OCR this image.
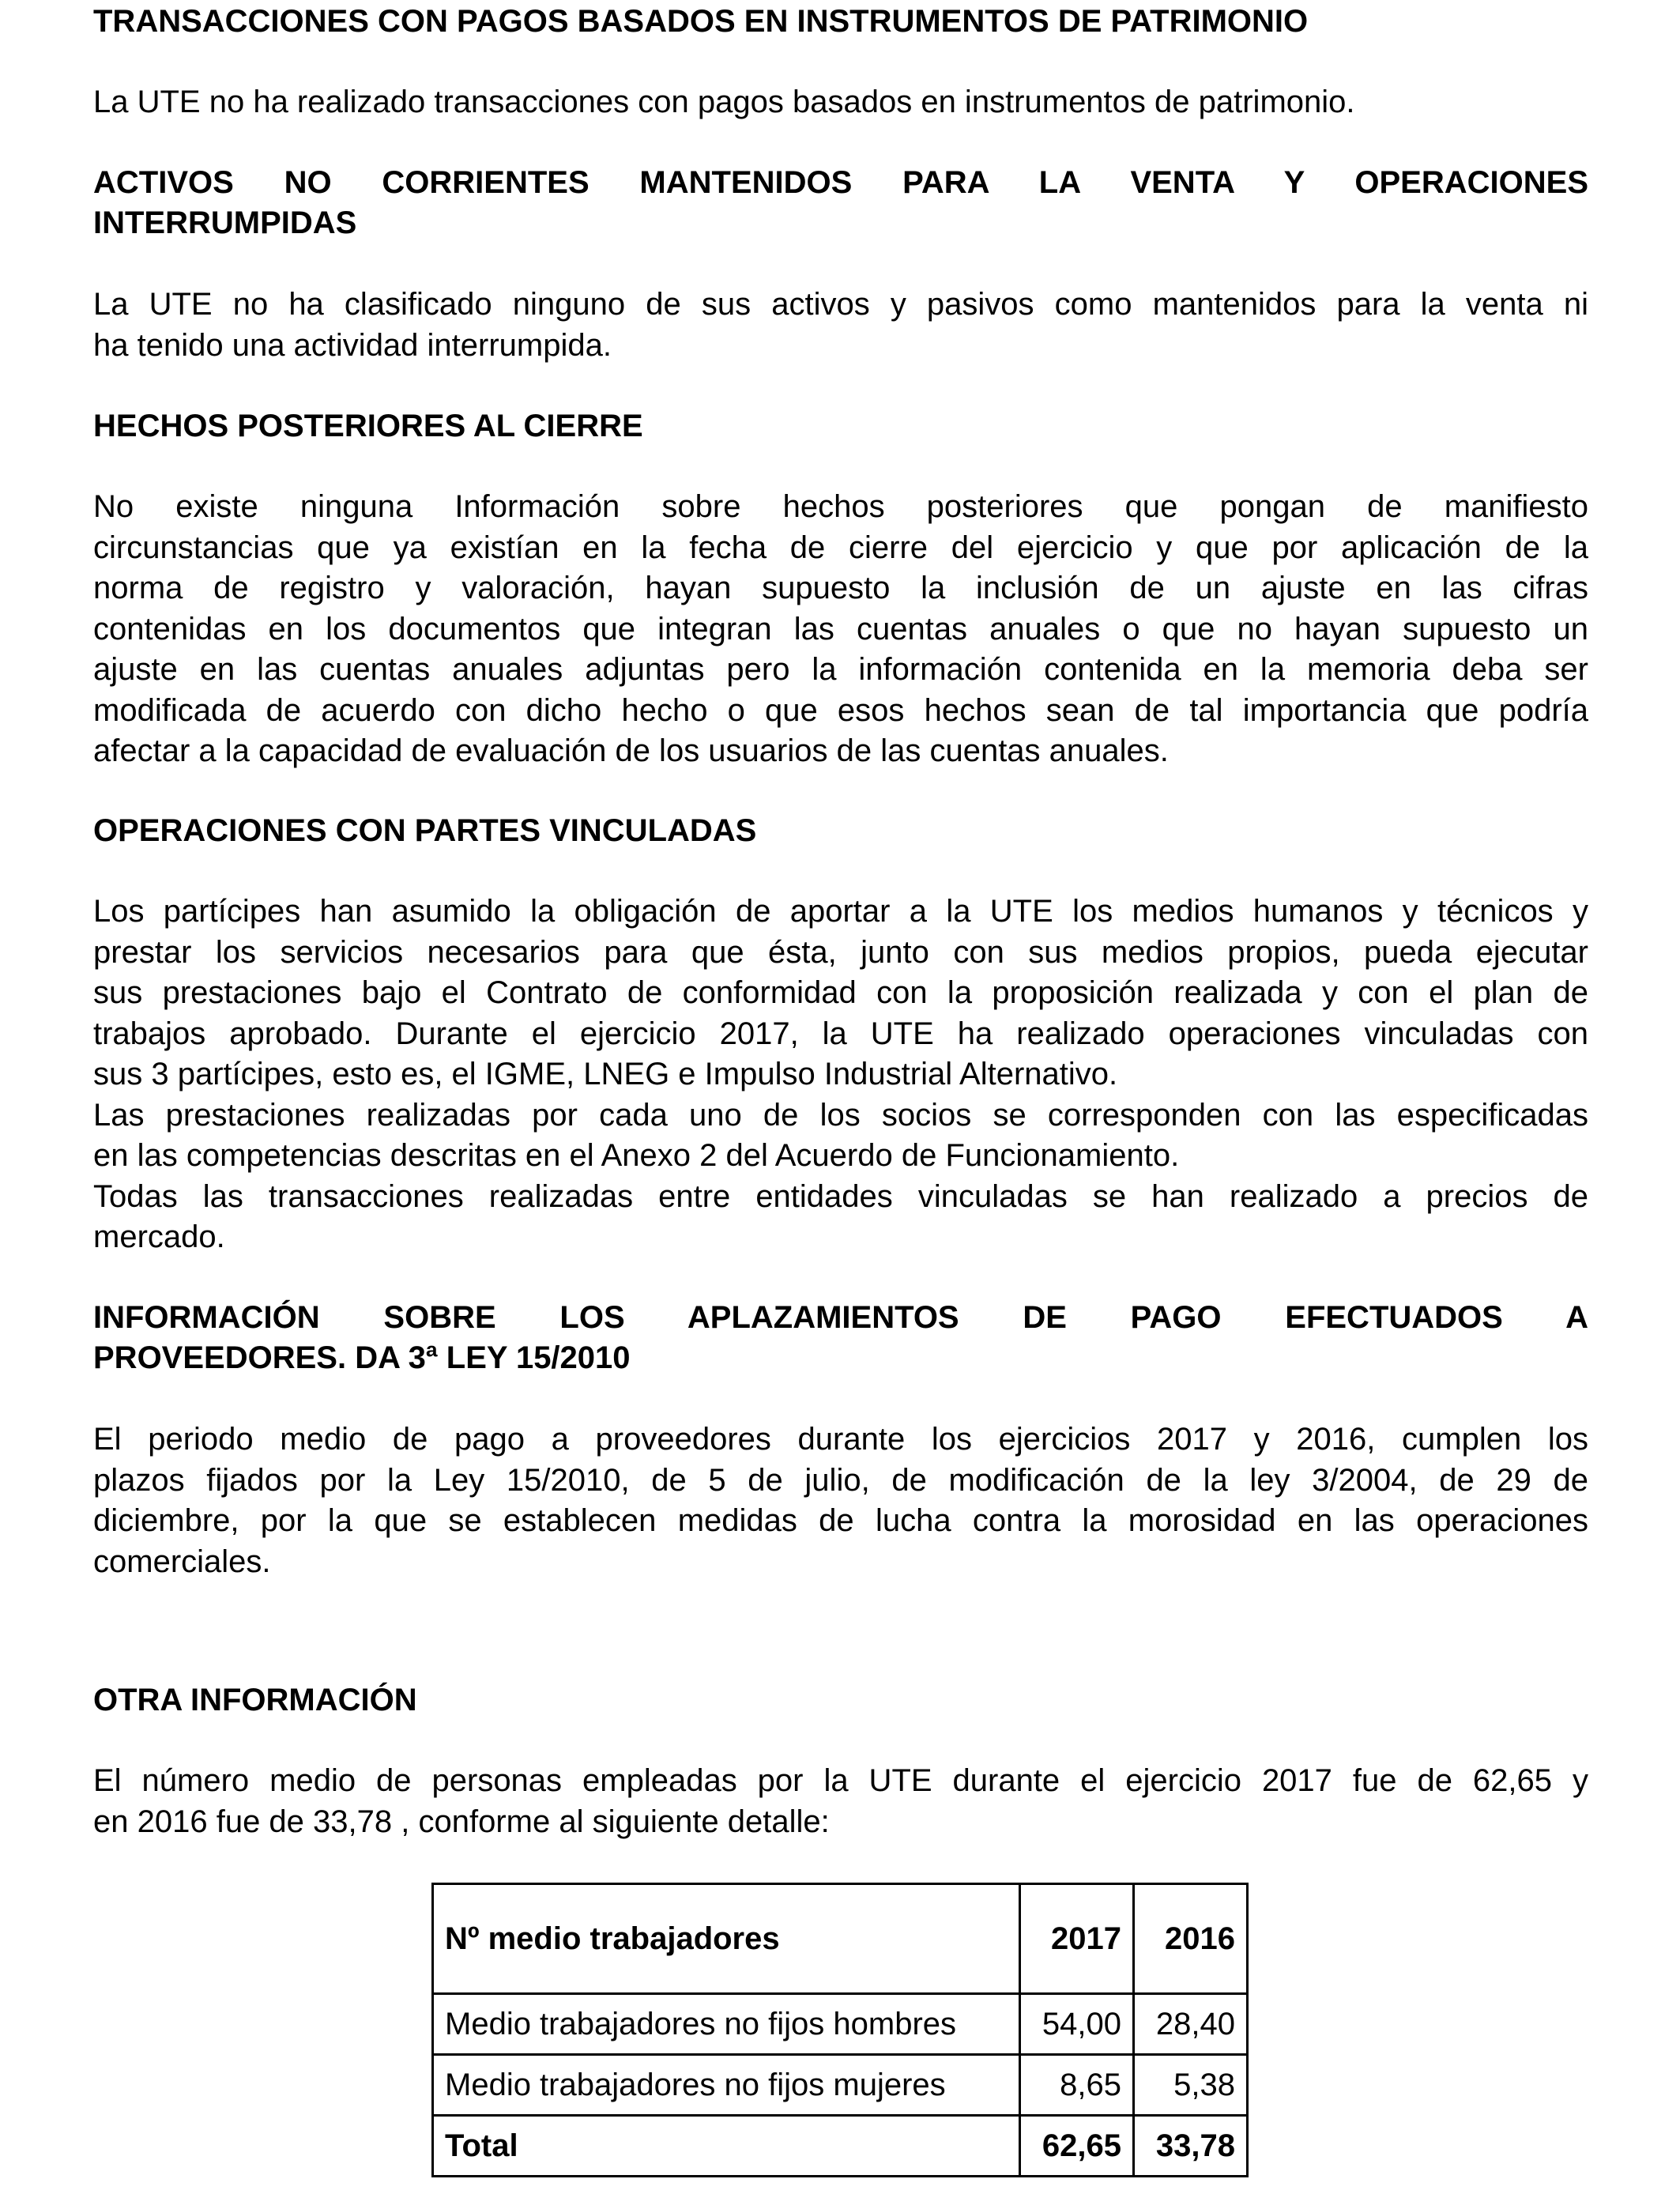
TRANSACCIONES CON PAGOS BASADOS EN INSTRUMENTOS DE PATRIMONIO

La UTE no ha realizado transacciones con pagos basados en instrumentos de patrimonio.

ACTIVOS NO CORRIENTES MANTENIDOS PARA LA VENTA Y OPERACIONES
INTERRUMPIDAS

La UTE no ha clasificado ninguno de sus activos y pasivos como mantenidos para la venta ni
ha tenido una actividad interrumpida.

HECHOS POSTERIORES AL CIERRE

No existe ninguna Información sobre hechos posteriores que pongan de manifiesto
circunstancias que ya existían en la fecha de cierre del ejercicio y que por aplicación de la
norma de registro y valoración, hayan supuesto la inclusión de un ajuste en las cifras
contenidas en los documentos que integran las cuentas anuales o que no hayan supuesto un
ajuste en las cuentas anuales adjuntas pero la información contenida en la memoria deba ser
modificada de acuerdo con dicho hecho o que esos hechos sean de tal importancia que podría
afectar a la capacidad de evaluación de los usuarios de las cuentas anuales.

OPERACIONES CON PARTES VINCULADAS

Los partícipes han asumido la obligación de aportar a la UTE los medios humanos y técnicos y
prestar los servicios necesarios para que ésta, junto con sus medios propios, pueda ejecutar
sus prestaciones bajo el Contrato de conformidad con la proposición realizada y con el plan de
trabajos aprobado. Durante el ejercicio 2017, la UTE ha realizado operaciones vinculadas con
sus 3 partícipes, esto es, el IGME, LNEG e Impulso Industrial Alternativo.
Las prestaciones realizadas por cada uno de los socios se corresponden con las especificadas
en las competencias descritas en el Anexo 2 del Acuerdo de Funcionamiento.
Todas las transacciones realizadas entre entidades vinculadas se han realizado a precios de
mercado.

INFORMACIÓN SOBRE LOS APLAZAMIENTOS DE PAGO EFECTUADOS A
PROVEEDORES. DA 3ª LEY 15/2010

El periodo medio de pago a proveedores durante los ejercicios 2017 y 2016, cumplen los
plazos fijados por la Ley 15/2010, de 5 de julio, de modificación de la ley 3/2004, de 29 de
diciembre, por la que se establecen medidas de lucha contra la morosidad en las operaciones
comerciales.

OTRA INFORMACIÓN

El número medio de personas empleadas por la UTE durante el ejercicio 2017 fue de 62,65 y
en 2016 fue de 33,78 , conforme al siguiente detalle:

Nº medio trabajadores	2017	2016
Medio trabajadores no fijos hombres	54,00	28,40
Medio trabajadores no fijos mujeres	8,65	5,38
Total	62,65	33,78
